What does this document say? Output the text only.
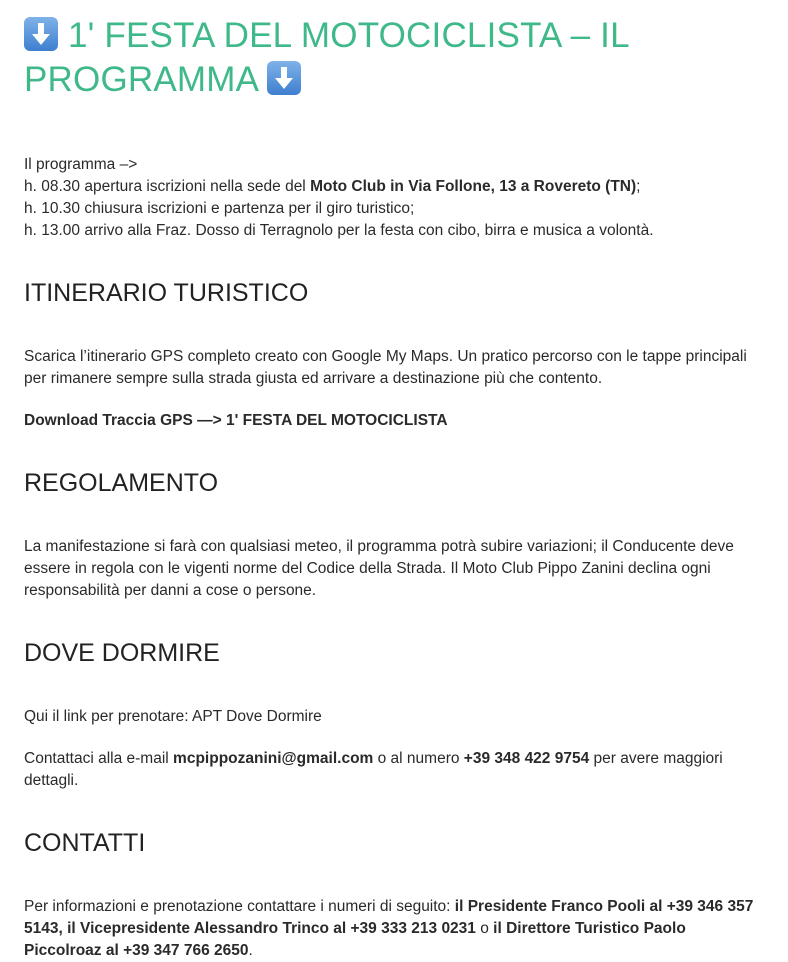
1' FESTA DEL MOTOCICLISTA – IL PROGRAMMA

Il programma –>

h. 08.30 apertura iscrizioni nella sede del Moto Club in Via Follone, 13 a Rovereto (TN);

h. 10.30 chiusura iscrizioni e partenza per il giro turistico;

h. 13.00 arrivo alla Fraz. Dosso di Terragnolo per la festa con cibo, birra e musica a volontà.

ITINERARIO TURISTICO

Scarica l’itinerario GPS completo creato con Google My Maps. Un pratico percorso con le tappe principali per rimanere sempre sulla strada giusta ed arrivare a destinazione più che contento.

Download Traccia GPS —> 1' FESTA DEL MOTOCICLISTA

REGOLAMENTO

La manifestazione si farà con qualsiasi meteo, il programma potrà subire variazioni; il Conducente deve essere in regola con le vigenti norme del Codice della Strada. Il Moto Club Pippo Zanini declina ogni responsabilità per danni a cose o persone.

DOVE DORMIRE

Qui il link per prenotare: APT Dove Dormire

Contattaci alla e-mail mcpippozanini@gmail.com o al numero +39 348 422 9754 per avere maggiori dettagli.

CONTATTI

Per informazioni e prenotazione contattare i numeri di seguito: il Presidente Franco Pooli al +39 346 357 5143, il Vicepresidente Alessandro Trinco al +39 333 213 0231 o il Direttore Turistico Paolo Piccolroaz al +39 347 766 2650.
